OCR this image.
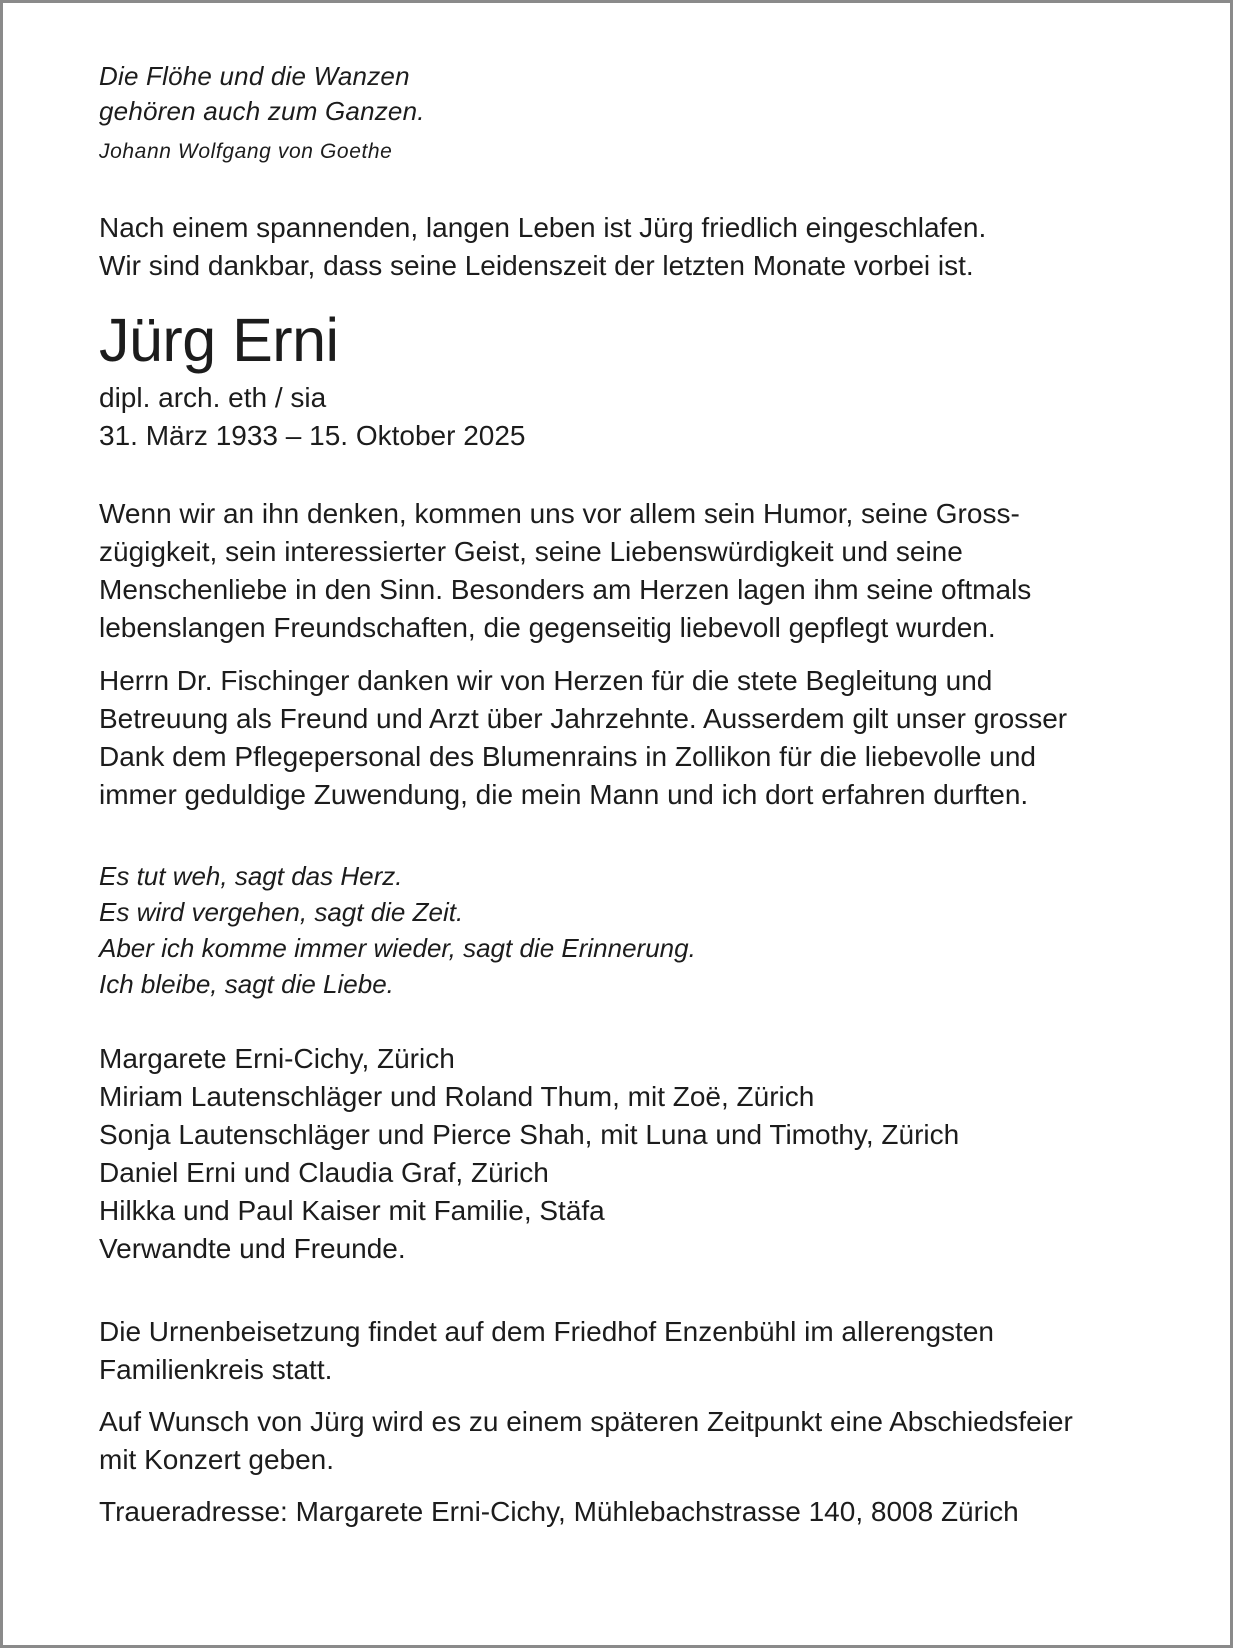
Die Flöhe und die Wanzen
gehören auch zum Ganzen.
Johann Wolfgang von Goethe
Nach einem spannenden, langen Leben ist Jürg friedlich eingeschlafen.
Wir sind dankbar, dass seine Leidenszeit der letzten Monate vorbei ist.
Jürg Erni
dipl. arch. eth / sia
31. März 1933 – 15. Oktober 2025
Wenn wir an ihn denken, kommen uns vor allem sein Humor, seine Gross-
zügigkeit, sein interessierter Geist, seine Liebenswürdigkeit und seine
Menschenliebe in den Sinn. Besonders am Herzen lagen ihm seine oftmals
lebenslangen Freundschaften, die gegenseitig liebevoll gepflegt wurden.
Herrn Dr. Fischinger danken wir von Herzen für die stete Begleitung und
Betreuung als Freund und Arzt über Jahrzehnte. Ausserdem gilt unser grosser
Dank dem Pflegepersonal des Blumenrains in Zollikon für die liebevolle und
immer geduldige Zuwendung, die mein Mann und ich dort erfahren durften.
Es tut weh, sagt das Herz.
Es wird vergehen, sagt die Zeit.
Aber ich komme immer wieder, sagt die Erinnerung.
Ich bleibe, sagt die Liebe.
Margarete Erni-Cichy, Zürich
Miriam Lautenschläger und Roland Thum, mit Zoë, Zürich
Sonja Lautenschläger und Pierce Shah, mit Luna und Timothy, Zürich
Daniel Erni und Claudia Graf, Zürich
Hilkka und Paul Kaiser mit Familie, Stäfa
Verwandte und Freunde.
Die Urnenbeisetzung findet auf dem Friedhof Enzenbühl im allerengsten
Familienkreis statt.
Auf Wunsch von Jürg wird es zu einem späteren Zeitpunkt eine Abschiedsfeier
mit Konzert geben.
Traueradresse: Margarete Erni-Cichy, Mühlebachstrasse 140, 8008 Zürich
